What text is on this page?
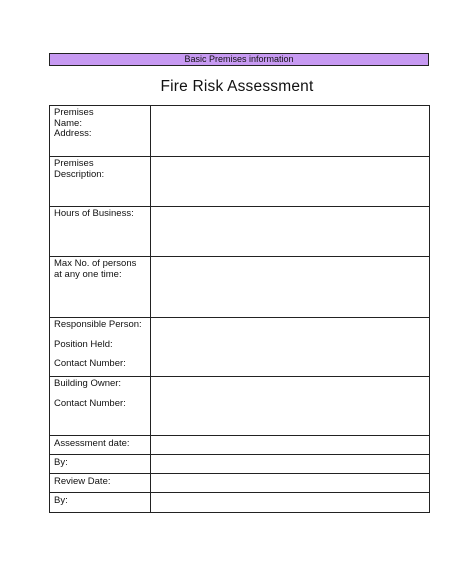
Basic Premises information
Fire Risk Assessment
Premises
Name:
Address:	

Premises
Description:	

Hours of Business:	

Max No. of persons
at any one time:	

Responsible Person:
Position Held:
Contact Number:	

Building Owner:
Contact Number:	

Assessment date:	

By:	

Review Date:	

By:	
